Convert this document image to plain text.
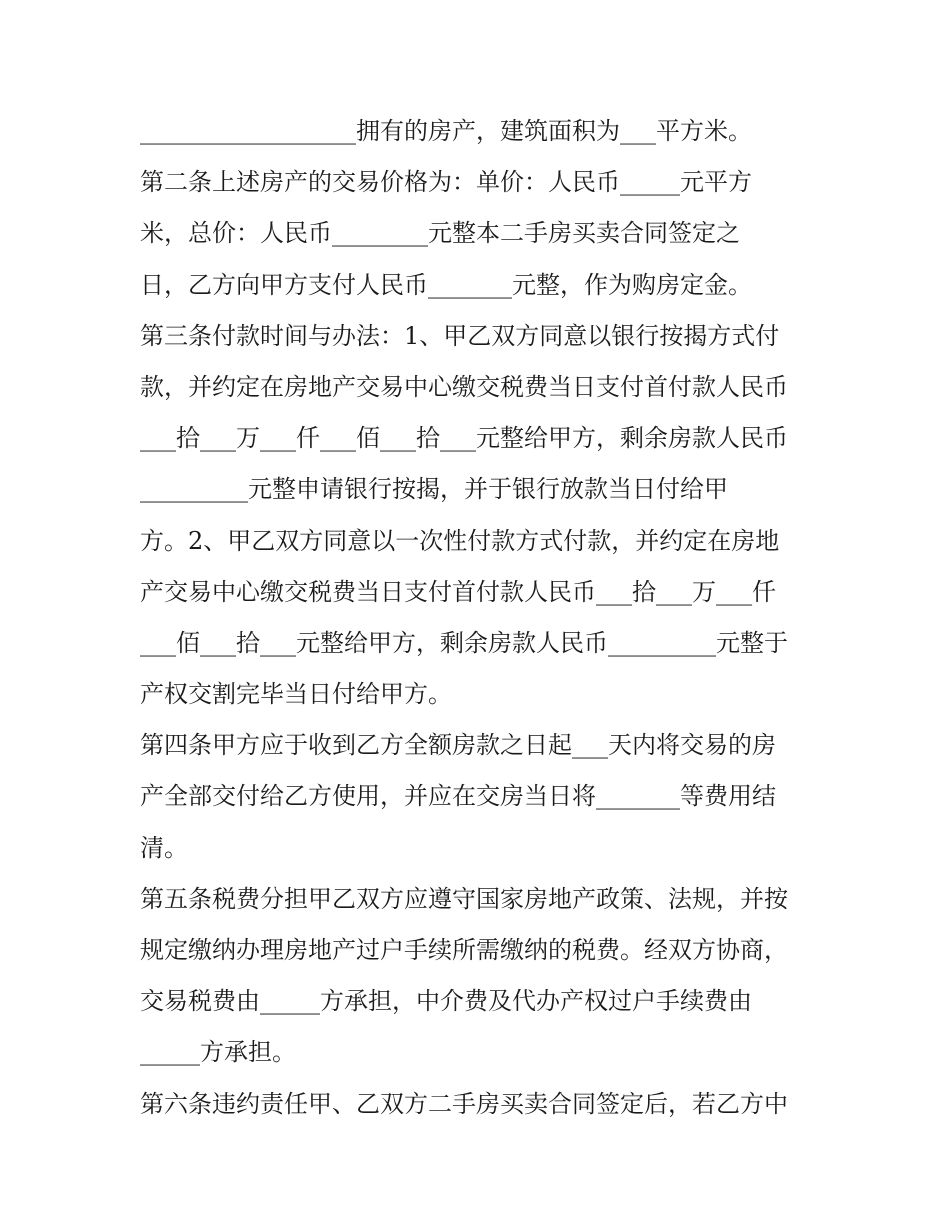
__________________拥有的房产，建筑面积为___平方米。
第二条上述房产的交易价格为：单价：人民币_____元平方
米，总价：人民币________元整本二手房买卖合同签定之
日，乙方向甲方支付人民币_______元整，作为购房定金。
第三条付款时间与办法：1、甲乙双方同意以银行按揭方式付
款，并约定在房地产交易中心缴交税费当日支付首付款人民币
___拾___万___仟___佰___拾___元整给甲方，剩余房款人民币
_________元整申请银行按揭，并于银行放款当日付给甲
方。2、甲乙双方同意以一次性付款方式付款，并约定在房地
产交易中心缴交税费当日支付首付款人民币___拾___万___仟
___佰___拾___元整给甲方，剩余房款人民币_________元整于
产权交割完毕当日付给甲方。
第四条甲方应于收到乙方全额房款之日起___天内将交易的房
产全部交付给乙方使用，并应在交房当日将_______等费用结
清。
第五条税费分担甲乙双方应遵守国家房地产政策、法规，并按
规定缴纳办理房地产过户手续所需缴纳的税费。经双方协商，
交易税费由_____方承担，中介费及代办产权过户手续费由
_____方承担。
第六条违约责任甲、乙双方二手房买卖合同签定后，若乙方中
